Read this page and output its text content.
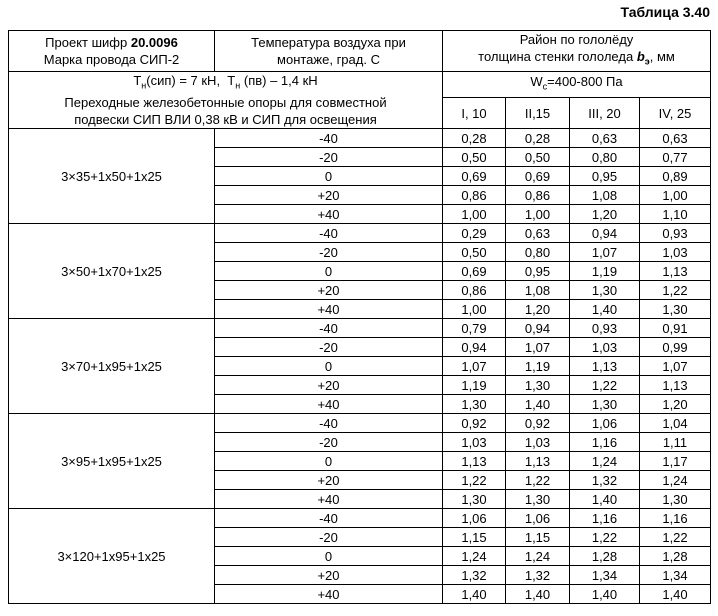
Таблица 3.40
Проект шифр 20.0096
Марка провода СИП-2	Температура воздуха при
монтаже, град. С	Район по гололёду
толщина стенки гололеда $b_э$, мм			
$Т_н(сип) = 7$ кН, $Т_н$ (пв) – 1,4 кН
Переходные железобетонные опоры для совместной
подвески СИП ВЛИ 0,38 кВ и СИП для освещения		$W_c=400-800$ Па			
		I, 10	II,15	III, 20	IV, 25
3×35+1х50+1х25	-40	0,28	0,28	0,63	0,63
	-20	0,50	0,50	0,80	0,77
	0	0,69	0,69	0,95	0,89
	+20	0,86	0,86	1,08	1,00
	+40	1,00	1,00	1,20	1,10
3×50+1х70+1х25	-40	0,29	0,63	0,94	0,93
	-20	0,50	0,80	1,07	1,03
	0	0,69	0,95	1,19	1,13
	+20	0,86	1,08	1,30	1,22
	+40	1,00	1,20	1,40	1,30
3×70+1х95+1х25	-40	0,79	0,94	0,93	0,91
	-20	0,94	1,07	1,03	0,99
	0	1,07	1,19	1,13	1,07
	+20	1,19	1,30	1,22	1,13
	+40	1,30	1,40	1,30	1,20
3×95+1х95+1х25	-40	0,92	0,92	1,06	1,04
	-20	1,03	1,03	1,16	1,11
	0	1,13	1,13	1,24	1,17
	+20	1,22	1,22	1,32	1,24
	+40	1,30	1,30	1,40	1,30
3×120+1х95+1х25	-40	1,06	1,06	1,16	1,16
	-20	1,15	1,15	1,22	1,22
	0	1,24	1,24	1,28	1,28
	+20	1,32	1,32	1,34	1,34
	+40	1,40	1,40	1,40	1,40
